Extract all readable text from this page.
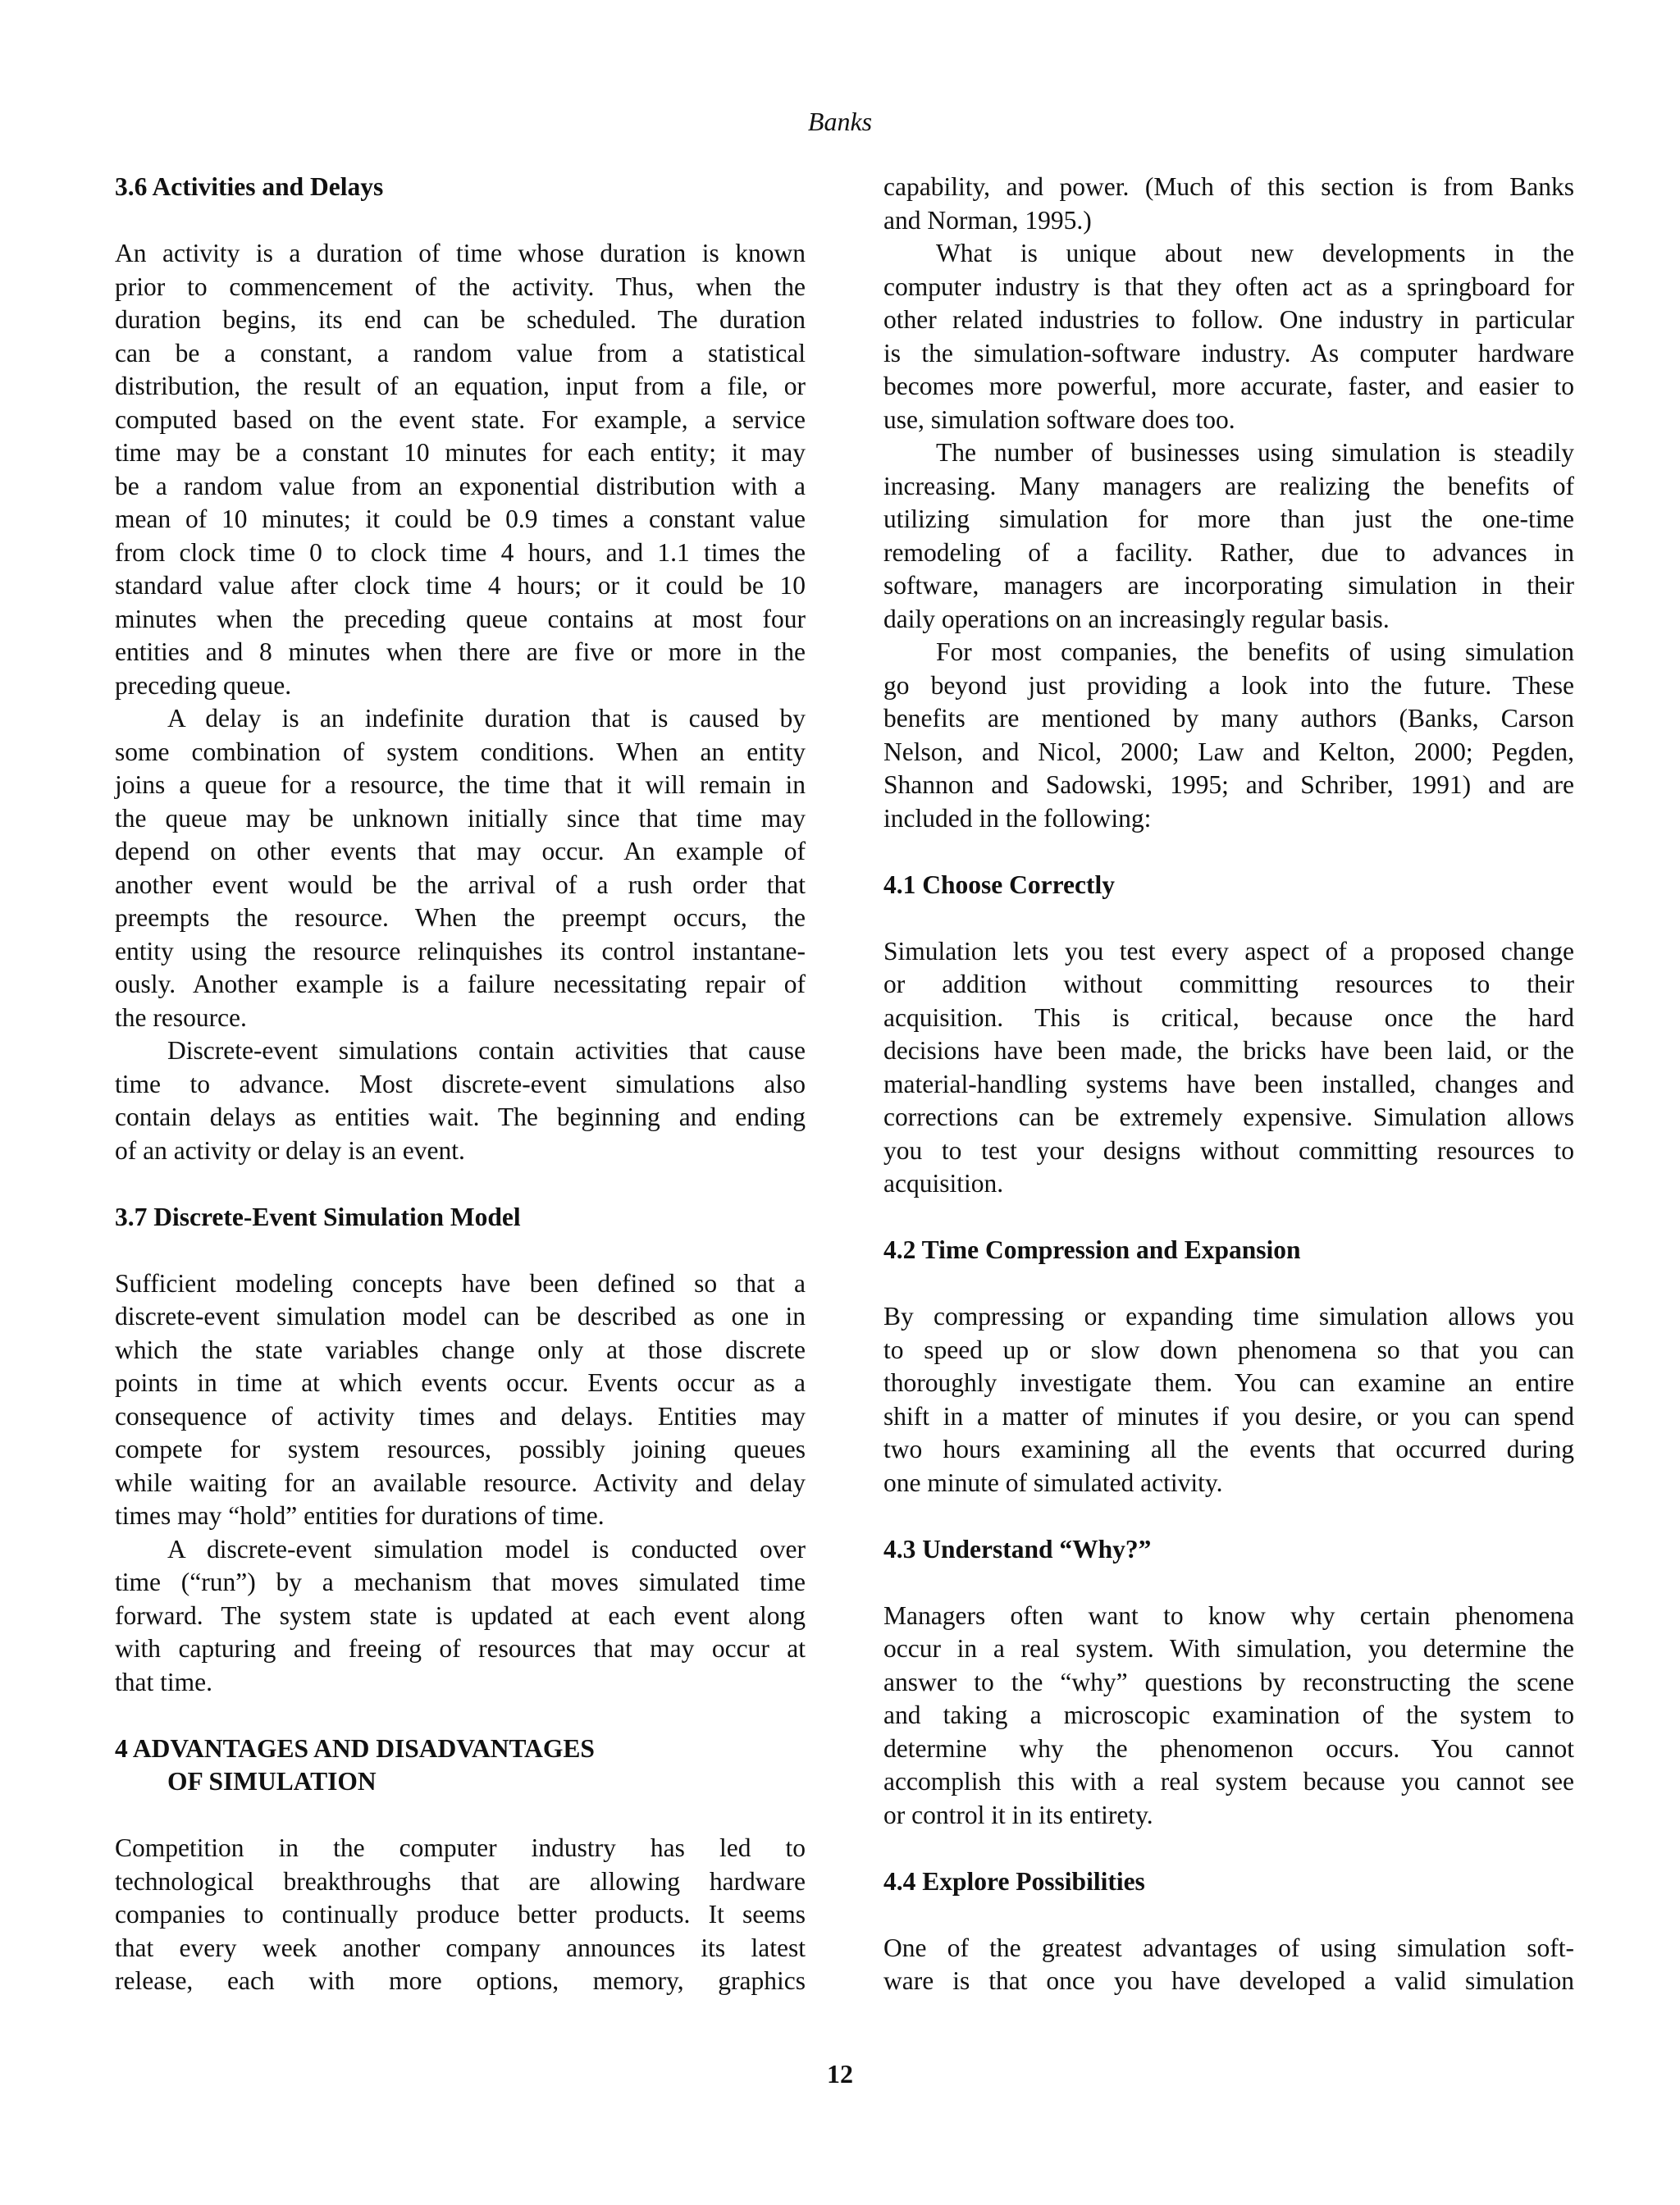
Banks
3.6 Activities and Delays
An activity is a duration of time whose duration is known
prior to commencement of the activity. Thus, when the
duration begins, its end can be scheduled. The duration
can be a constant, a random value from a statistical
distribution, the result of an equation, input from a file, or
computed based on the event state. For example, a service
time may be a constant 10 minutes for each entity; it may
be a random value from an exponential distribution with a
mean of 10 minutes; it could be 0.9 times a constant value
from clock time 0 to clock time 4 hours, and 1.1 times the
standard value after clock time 4 hours; or it could be 10
minutes when the preceding queue contains at most four
entities and 8 minutes when there are five or more in the
preceding queue.
A delay is an indefinite duration that is caused by
some combination of system conditions. When an entity
joins a queue for a resource, the time that it will remain in
the queue may be unknown initially since that time may
depend on other events that may occur. An example of
another event would be the arrival of a rush order that
preempts the resource. When the preempt occurs, the
entity using the resource relinquishes its control instantane-
ously. Another example is a failure necessitating repair of
the resource.
Discrete-event simulations contain activities that cause
time to advance. Most discrete-event simulations also
contain delays as entities wait. The beginning and ending
of an activity or delay is an event.
3.7 Discrete-Event Simulation Model
Sufficient modeling concepts have been defined so that a
discrete-event simulation model can be described as one in
which the state variables change only at those discrete
points in time at which events occur. Events occur as a
consequence of activity times and delays. Entities may
compete for system resources, possibly joining queues
while waiting for an available resource. Activity and delay
times may “hold” entities for durations of time.
A discrete-event simulation model is conducted over
time (“run”) by a mechanism that moves simulated time
forward. The system state is updated at each event along
with capturing and freeing of resources that may occur at
that time.
4 ADVANTAGES AND DISADVANTAGES
OF SIMULATION
Competition in the computer industry has led to
technological breakthroughs that are allowing hardware
companies to continually produce better products. It seems
that every week another company announces its latest
release, each with more options, memory, graphics
capability, and power. (Much of this section is from Banks
and Norman, 1995.)
What is unique about new developments in the
computer industry is that they often act as a springboard for
other related industries to follow. One industry in particular
is the simulation-software industry. As computer hardware
becomes more powerful, more accurate, faster, and easier to
use, simulation software does too.
The number of businesses using simulation is steadily
increasing. Many managers are realizing the benefits of
utilizing simulation for more than just the one-time
remodeling of a facility. Rather, due to advances in
software, managers are incorporating simulation in their
daily operations on an increasingly regular basis.
For most companies, the benefits of using simulation
go beyond just providing a look into the future. These
benefits are mentioned by many authors (Banks, Carson
Nelson, and Nicol, 2000; Law and Kelton, 2000; Pegden,
Shannon and Sadowski, 1995; and Schriber, 1991) and are
included in the following:
4.1 Choose Correctly
Simulation lets you test every aspect of a proposed change
or addition without committing resources to their
acquisition. This is critical, because once the hard
decisions have been made, the bricks have been laid, or the
material-handling systems have been installed, changes and
corrections can be extremely expensive. Simulation allows
you to test your designs without committing resources to
acquisition.
4.2 Time Compression and Expansion
By compressing or expanding time simulation allows you
to speed up or slow down phenomena so that you can
thoroughly investigate them. You can examine an entire
shift in a matter of minutes if you desire, or you can spend
two hours examining all the events that occurred during
one minute of simulated activity.
4.3 Understand “Why?”
Managers often want to know why certain phenomena
occur in a real system. With simulation, you determine the
answer to the “why” questions by reconstructing the scene
and taking a microscopic examination of the system to
determine why the phenomenon occurs. You cannot
accomplish this with a real system because you cannot see
or control it in its entirety.
4.4 Explore Possibilities
One of the greatest advantages of using simulation soft-
ware is that once you have developed a valid simulation
12
